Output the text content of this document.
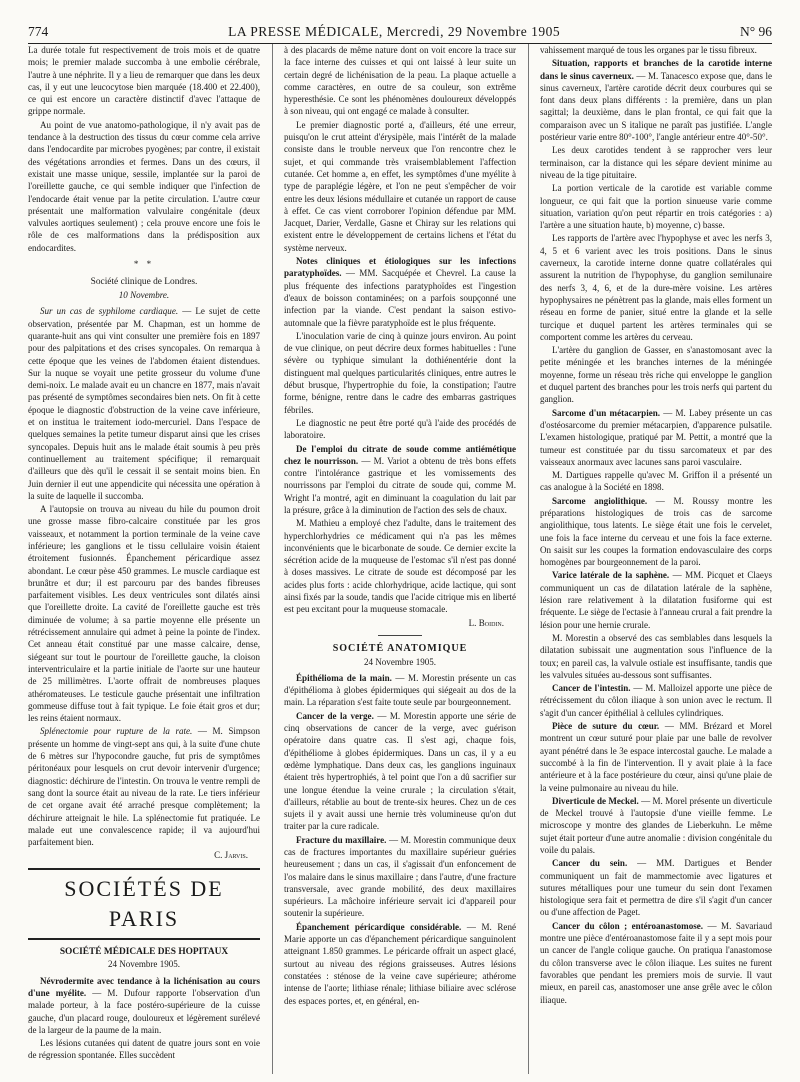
774	LA PRESSE MÉDICALE, Mercredi, 29 Novembre 1905	N° 96

La durée totale fut respectivement de trois mois et de quatre mois; le premier malade succomba à une embolie cérébrale, l'autre à une néphrite. Il y a lieu de remarquer que dans les deux cas, il y eut une leucocytose bien marquée (18.400 et 22.400), ce qui est encore un caractère distinctif d'avec l'attaque de grippe normale.

Au point de vue anatomo-pathologique, il n'y avait pas de tendance à la destruction des tissus du cœur comme cela arrive dans l'endocardite par microbes pyogènes; par contre, il existait des végétations arrondies et fermes. Dans un des cœurs, il existait une masse unique, sessile, implantée sur la paroi de l'oreillette gauche, ce qui semble indiquer que l'infection de l'endocarde était venue par la petite circulation. L'autre cœur présentait une malformation valvulaire congénitale (deux valvules aortiques seulement) ; cela prouve encore une fois le rôle de ces malformations dans la prédisposition aux endocardites.

* *
Société clinique de Londres.
10 Novembre.

Sur un cas de syphilome cardiaque. — Le sujet de cette observation, présentée par M. Chapman, est un homme de quarante-huit ans qui vint consulter une première fois en 1897 pour des palpitations et des crises syncopales. On remarqua à cette époque que les veines de l'abdomen étaient distendues. Sur la nuque se voyait une petite grosseur du volume d'une demi-noix. Le malade avait eu un chancre en 1877, mais n'avait pas présenté de symptômes secondaires bien nets. On fit à cette époque le diagnostic d'obstruction de la veine cave inférieure, et on institua le traitement iodo-mercuriel. Dans l'espace de quelques semaines la petite tumeur disparut ainsi que les crises syncopales. Depuis huit ans le malade était soumis à peu près continuellement au traitement spécifique; il remarquait d'ailleurs que dès qu'il le cessait il se sentait moins bien. En Juin dernier il eut une appendicite qui nécessita une opération à la suite de laquelle il succomba.

A l'autopsie on trouva au niveau du hile du poumon droit une grosse masse fibro-calcaire constituée par les gros vaisseaux, et notamment la portion terminale de la veine cave inférieure; les ganglions et le tissu cellulaire voisin étaient étroitement fusionnés. Épanchement péricardique assez abondant. Le cœur pèse 450 grammes. Le muscle cardiaque est brunâtre et dur; il est parcouru par des bandes fibreuses parfaitement visibles. Les deux ventricules sont dilatés ainsi que l'oreillette droite. La cavité de l'oreillette gauche est très diminuée de volume; à sa partie moyenne elle présente un rétrécissement annulaire qui admet à peine la pointe de l'index. Cet anneau était constitué par une masse calcaire, dense, siégeant sur tout le pourtour de l'oreillette gauche, la cloison interventriculaire et la partie initiale de l'aorte sur une hauteur de 25 millimètres. L'aorte offrait de nombreuses plaques athéromateuses. Le testicule gauche présentait une infiltration gommeuse diffuse tout à fait typique. Le foie était gros et dur; les reins étaient normaux.

Splénectomie pour rupture de la rate. — M. Simpson présente un homme de vingt-sept ans qui, à la suite d'une chute de 6 mètres sur l'hypocondre gauche, fut pris de symptômes péritonéaux pour lesquels on crut devoir intervenir d'urgence; diagnostic: déchirure de l'intestin. On trouva le ventre rempli de sang dont la source était au niveau de la rate. Le tiers inférieur de cet organe avait été arraché presque complètement; la déchirure atteignait le hile. La splénectomie fut pratiquée. Le malade eut une convalescence rapide; il va aujourd'hui parfaitement bien.

C. Jarvis.
SOCIÉTÉS DE PARIS
SOCIÉTÉ MÉDICALE DES HOPITAUX
24 Novembre 1905.

Névrodermite avec tendance à la lichénisation au cours d'une myélite. — M. Dufour rapporte l'observation d'un malade porteur, à la face postéro-supérieure de la cuisse gauche, d'un placard rouge, douloureux et légèrement surélevé de la largeur de la paume de la main.

Les lésions cutanées qui datent de quatre jours sont en voie de régression spontanée. Elles succèdent

à des placards de même nature dont on voit encore la trace sur la face interne des cuisses et qui ont laissé à leur suite un certain degré de lichénisation de la peau. La plaque actuelle a comme caractères, en outre de sa couleur, son extrême hyperesthésie. Ce sont les phénomènes douloureux développés à son niveau, qui ont engagé ce malade à consulter.

Le premier diagnostic porté a, d'ailleurs, été une erreur, puisqu'on le crut atteint d'érysipèle, mais l'intérêt de la malade consiste dans le trouble nerveux que l'on rencontre chez le sujet, et qui commande très vraisemblablement l'affection cutanée. Cet homme a, en effet, les symptômes d'une myélite à type de paraplégie légère, et l'on ne peut s'empêcher de voir entre les deux lésions médullaire et cutanée un rapport de cause à effet. Ce cas vient corroborer l'opinion défendue par MM. Jacquet, Darier, Verdalle, Gasne et Chiray sur les relations qui existent entre le développement de certains lichens et l'état du système nerveux.

Notes cliniques et étiologiques sur les infections paratyphoïdes. — MM. Sacquépée et Chevrel. La cause la plus fréquente des infections paratyphoïdes est l'ingestion d'eaux de boisson contaminées; on a parfois soupçonné une infection par la viande. C'est pendant la saison estivo-automnale que la fièvre paratyphoïde est le plus fréquente.

L'inoculation varie de cinq à quinze jours environ. Au point de vue clinique, on peut décrire deux formes habituelles : l'une sévère ou typhique simulant la dothiénentérie dont la distinguent mal quelques particularités cliniques, entre autres le début brusque, l'hypertrophie du foie, la constipation; l'autre forme, bénigne, rentre dans le cadre des embarras gastriques fébriles.

Le diagnostic ne peut être porté qu'à l'aide des procédés de laboratoire.

De l'emploi du citrate de soude comme antiémétique chez le nourrisson. — M. Variot a obtenu de très bons effets contre l'intolérance gastrique et les vomissements des nourrissons par l'emploi du citrate de soude qui, comme M. Wright l'a montré, agit en diminuant la coagulation du lait par la présure, grâce à la diminution de l'action des sels de chaux.

M. Mathieu a employé chez l'adulte, dans le traitement des hyperchlorhydries ce médicament qui n'a pas les mêmes inconvénients que le bicarbonate de soude. Ce dernier excite la sécrétion acide de la muqueuse de l'estomac s'il n'est pas donné à doses massives. Le citrate de soude est décomposé par les acides plus forts : acide chlorhydrique, acide lactique, qui sont ainsi fixés par la soude, tandis que l'acide citrique mis en liberté est peu excitant pour la muqueuse stomacale.

L. Boidin.
SOCIÉTÉ ANATOMIQUE
24 Novembre 1905.

Épithélioma de la main. — M. Morestin présente un cas d'épithélioma à globes épidermiques qui siégeait au dos de la main. La réparation s'est faite toute seule par bourgeonnement.

Cancer de la verge. — M. Morestin apporte une série de cinq observations de cancer de la verge, avec guérison opératoire dans quatre cas. Il s'est agi, chaque fois, d'épithéliome à globes épidermiques. Dans un cas, il y a eu œdème lymphatique. Dans deux cas, les ganglions inguinaux étaient très hypertrophiés, à tel point que l'on a dû sacrifier sur une longue étendue la veine crurale ; la circulation s'était, d'ailleurs, rétablie au bout de trente-six heures. Chez un de ces sujets il y avait aussi une hernie très volumineuse qu'on dut traiter par la cure radicale.

Fracture du maxillaire. — M. Morestin communique deux cas de fractures importantes du maxillaire supérieur guéries heureusement ; dans un cas, il s'agissait d'un enfoncement de l'os malaire dans le sinus maxillaire ; dans l'autre, d'une fracture transversale, avec grande mobilité, des deux maxillaires supérieurs. La mâchoire inférieure servait ici d'appareil pour soutenir la supérieure.

Épanchement péricardique considérable. — M. René Marie apporte un cas d'épanchement péricardique sanguinolent atteignant 1.850 grammes. Le péricarde offrait un aspect glacé, surtout au niveau des régions graisseuses. Autres lésions constatées : sténose de la veine cave supérieure; athérome intense de l'aorte; lithiase rénale; lithiase biliaire avec sclérose des espaces portes, et, en général, en-

vahissement marqué de tous les organes par le tissu fibreux.

Situation, rapports et branches de la carotide interne dans le sinus caverneux. — M. Tanacesco expose que, dans le sinus caverneux, l'artère carotide décrit deux courbures qui se font dans deux plans différents : la première, dans un plan sagittal; la deuxième, dans le plan frontal, ce qui fait que la comparaison avec un S italique ne paraît pas justifiée. L'angle postérieur varie entre 80°-100°, l'angle antérieur entre 40°-50°.

Les deux carotides tendent à se rapprocher vers leur terminaison, car la distance qui les sépare devient minime au niveau de la tige pituitaire.

La portion verticale de la carotide est variable comme longueur, ce qui fait que la portion sinueuse varie comme situation, variation qu'on peut répartir en trois catégories : a) l'artère a une situation haute, b) moyenne, c) basse.

Les rapports de l'artère avec l'hypophyse et avec les nerfs 3, 4, 5 et 6 varient avec les trois positions. Dans le sinus caverneux, la carotide interne donne quatre collatérales qui assurent la nutrition de l'hypophyse, du ganglion semilunaire des nerfs 3, 4, 6, et de la dure-mère voisine. Les artères hypophysaires ne pénètrent pas la glande, mais elles forment un réseau en forme de panier, situé entre la glande et la selle turcique et duquel partent les artères terminales qui se comportent comme les artères du cerveau.

L'artère du ganglion de Gasser, en s'anastomosant avec la petite méningée et les branches internes de la méningée moyenne, forme un réseau très riche qui enveloppe le ganglion et duquel partent des branches pour les trois nerfs qui partent du ganglion.

Sarcome d'un métacarpien. — M. Labey présente un cas d'ostéosarcome du premier métacarpien, d'apparence pulsatile. L'examen histologique, pratiqué par M. Pettit, a montré que la tumeur est constituée par du tissu sarcomateux et par des vaisseaux anormaux avec lacunes sans paroi vasculaire.

M. Dartigues rappelle qu'avec M. Griffon il a présenté un cas analogue à la Société en 1898.

Sarcome angiolithique. — M. Roussy montre les préparations histologiques de trois cas de sarcome angiolithique, tous latents. Le siège était une fois le cervelet, une fois la face interne du cerveau et une fois la face externe. On saisit sur les coupes la formation endovasculaire des corps homogènes par bourgeonnement de la paroi.

Varice latérale de la saphène. — MM. Picquet et Claeys communiquent un cas de dilatation latérale de la saphène, lésion rare relativement à la dilatation fusiforme qui est fréquente. Le siège de l'ectasie à l'anneau crural a fait prendre la lésion pour une hernie crurale.

M. Morestin a observé des cas semblables dans lesquels la dilatation subissait une augmentation sous l'influence de la toux; en pareil cas, la valvule ostiale est insuffisante, tandis que les valvules situées au-dessous sont suffisantes.

Cancer de l'intestin. — M. Malloizel apporte une pièce de rétrécissement du côlon iliaque à son union avec le rectum. Il s'agit d'un cancer épithélial à cellules cylindriques.

Pièce de suture du cœur. — MM. Brézard et Morel montrent un cœur suturé pour plaie par une balle de revolver ayant pénétré dans le 3e espace intercostal gauche. Le malade a succombé à la fin de l'intervention. Il y avait plaie à la face antérieure et à la face postérieure du cœur, ainsi qu'une plaie de la veine pulmonaire au niveau du hile.

Diverticule de Meckel. — M. Morel présente un diverticule de Meckel trouvé à l'autopsie d'une vieille femme. Le microscope y montre des glandes de Lieberkuhn. Le même sujet était porteur d'une autre anomalie : division congénitale du voile du palais.

Cancer du sein. — MM. Dartigues et Bender communiquent un fait de mammectomie avec ligatures et sutures métalliques pour une tumeur du sein dont l'examen histologique sera fait et permettra de dire s'il s'agit d'un cancer ou d'une affection de Paget.

Cancer du côlon ; entéroanastomose. — M. Savariaud montre une pièce d'entéroanastomose faite il y a sept mois pour un cancer de l'angle colique gauche. On pratiqua l'anastomose du côlon transverse avec le côlon iliaque. Les suites ne furent favorables que pendant les premiers mois de survie. Il vaut mieux, en pareil cas, anastomoser une anse grêle avec le côlon iliaque.
